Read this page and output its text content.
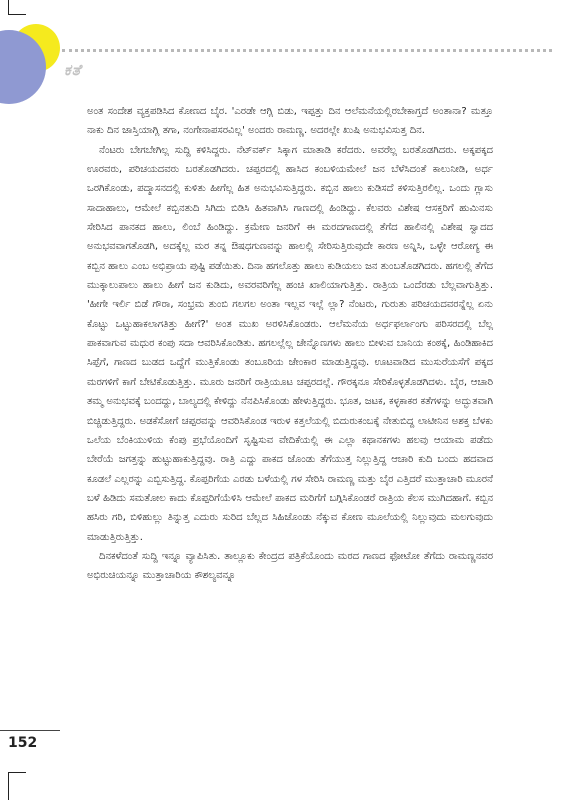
ಕತೆ

ಅಂತ ಸಂದೇಶ ವ್ಯಕ್ತಪಡಿಸಿದ ಕೋಣದ ಬೈರ. 'ಎರಡೇ ಆಗ್ಲಿ ಬಿಡು, ಇಪ್ಪತ್ತು ದಿನ ಆಲೆಮನೆಯಲ್ಲಿರಬೇಕಾಗ್ತದೆ ಅಂತಾನಾ? ಮತ್ತೂ ನಾಕು ದಿನ ಜಾಸ್ತಿಯಾಗ್ಲಿ ತಗಾ, ನಂಗೇನಾಪಸರವಿಲ್ಲ' ಅಂದರು ರಾಮಣ್ಣ. ಅದರಲ್ಲೇ ಖುಷಿ ಅನುಭವಿಸುತ್ತ ದಿನ.

ನೆಂಟರು ಬೇಗಬೇಗಿಲ್ಲ ಸುದ್ದಿ ಕಳಿಸಿದ್ದರು. ನೆಟ್‌ವರ್ಕ್ ಸಿಕ್ಕಾಗ ಮಾತಾಡಿ ಕರೆದರು. ಅವರೆಲ್ಲ ಬರತೊಡಗಿದರು. ಅಕ್ಕಪಕ್ಕದ ಊರವರು, ಪರಿಚಯದವರು ಬರತೊಡಗಿದರು. ಚಪ್ಪರದಲ್ಲಿ ಹಾಸಿದ ಕಂಬಳಿಯಮೇಲೆ ಜನ ಬೆಳೆಸಿದಂತೆ ಕಾಲುನೀಡಿ, ಅರ್ಧ ಒರಗಿಕೊಂಡು, ಪದ್ಮಾಸನದಲ್ಲಿ ಕುಳಿತು ಹೀಗೆಲ್ಲ ಹಿತ ಅನುಭವಿಸುತ್ತಿದ್ದರು. ಕಬ್ಬಿನ ಹಾಲು ಕುಡಿಸದೆ ಕಳಿಸುತ್ತಿರಲಿಲ್ಲ. ಒಂದು ಗ್ಲಾಸು ಸಾದಾಹಾಲು, ಆಮೇಲೆ ಕಬ್ಬಿನತುದಿ ಸಿಗಿದು ಬಿಡಿಸಿ ಹಿತವಾಗಿಸಿ ಗಾಣದಲ್ಲಿ ಹಿಂಡಿದ್ದು. ಕೆಲವರು ವಿಶೇಷ ಆಸಕ್ತರಿಗೆ ಹುಮಿನಸು ಸೇರಿಸಿದ ಪಾನಕದ ಹಾಲು, ಲಿಂಬೆ ಹಿಂಡಿದ್ದು. ಕ್ರಮೇಣ ಜನರಿಗೆ ಈ ಮರದಗಾಣದಲ್ಲಿ ತೆಗೆದ ಹಾಲಿನಲ್ಲಿ ವಿಶೇಷ ಸ್ವಾದದ ಅನುಭವವಾಗತೊಡಗಿ, ಅದಕ್ಕೆಲ್ಲ ಮರ ತನ್ನ ಔಷಧಗುಣವನ್ನು ಹಾಲಲ್ಲಿ ಸೇರಿಸುತ್ತಿರುವುದೇ ಕಾರಣ ಅನ್ನಿಸಿ, ಒಳ್ಳೇ ಆರೋಗ್ಯ ಈ ಕಬ್ಬಿನ ಹಾಲು ಎಂಬ ಅಭಿಪ್ರಾಯ ಪುಷ್ಟಿ ಪಡೆಯಿತು. ದಿನಾ ಹಗಲೊತ್ತು ಹಾಲು ಕುಡಿಯಲು ಜನ ತುಂಬತೊಡಗಿದರು. ಹಗಲಲ್ಲಿ ತೆಗೆದ ಮುಕ್ಕಾಲುಪಾಲು ಹಾಲು ಹೀಗೆ ಜನ ಕುಡಿದು, ಅವರವರಿಗೆಲ್ಲ ಹಂಚಿ ಖಾಲಿಯಾಗುತ್ತಿತ್ತು. ರಾತ್ರಿಯ ಒಂದೆರಡು ಬೆಲ್ಲವಾಗುತ್ತಿತ್ತು. 'ಹೀಗೇ ಇರ್ಲಿ ಬಿಡೆ ಗೌರಾ, ಸಂಭ್ರಮ ತುಂಬಿ ಗಲಗಲ ಅಂತಾ ಇಲ್ಲವ ಇಲ್ಲೆ ಲ್ಲಾ? ನೆಂಟರು, ಗುರುತು ಪರಿಚಯದವರನ್ನೆಲ್ಲ ಏನು ಕೊಟ್ಟು ಒಟ್ಟುಹಾಕಲಾಗತಿತ್ತು ಹೀಗೆ?' ಅಂತ ಮುಖ ಅರಳಿಸಿಕೊಂಡರು. ಆಲೆಮನೆಯ ಅರ್ಧಫರ್ಲಾಂಗು ಪರಿಸರದಲ್ಲಿ ಬೆಲ್ಲ ಪಾಕವಾಗುವ ಮಧುರ ಕಂಪು ಸದಾ ಆವರಿಸಿಕೊಂಡಿತು. ಹಗಲಲ್ಲೆಲ್ಲ ಜೇನ್ನೊಣಗಳು ಹಾಲು ಬೀಳುವ ಬಾನಿಯ ಕಂಠಕ್ಕೆ, ಹಿಂಡಿಹಾಕಿದ ಸಿಪ್ಪೆಗೆ, ಗಾಣದ ಬುಡದ ಒದ್ದೆಗೆ ಮುತ್ತಿಕೊಂಡು ತಂಬೂರಿಯ ಜೇಂಕಾರ ಮಾಡುತ್ತಿದ್ದವು. ಊಟವಾಡಿದ ಮುಸುರೆಯಸೆಗೆ ಪಕ್ಕದ ಮರಗಳಿಗೆ ಕಾಗೆ ಬೇಟಿಕೊಡುತ್ತಿತ್ತು. ಮೂರು ಜನರಿಗೆ ರಾತ್ರಿಯೂಟ ಚಪ್ಪರದಲ್ಲೆ. ಗೌರಕ್ಕನೂ ಸೇರಿಕೊಳ್ಳತೊಡಗಿದಳು. ಬೈರ, ಆಚಾರಿ ತಮ್ಮ ಅನುಭವಕ್ಕೆ ಬಂದದ್ದು, ಬಾಲ್ಯದಲ್ಲಿ ಕೇಳಿದ್ದು ನೆನಪಿಸಿಕೊಂಡು ಹೇಳುತ್ತಿದ್ದರು. ಭೂತ, ಜಟಕ, ಕಳ್ಳಕಾಕರ ಕತೆಗಳನ್ನು ಅದ್ಭುತವಾಗಿ ಬಿಚ್ಚಿಡುತ್ತಿದ್ದರು. ಅಡಕೆಸೋಗೆ ಚಪ್ಪರವನ್ನು ಆವರಿಸಿಕೊಂಡ ಇರುಳ ಕತ್ತಲೆಯಲ್ಲಿ ಬಿದುರುಕಂಬಕ್ಕೆ ನೇತುಬಿದ್ದ ಲಾಟೀನಿನ ಅಶಕ್ತ ಬೆಳಕು ಒಲೆಯ ಬೆಂಕಿಯುಳಿಯ ಕೆಂಪು ಪ್ರಭೆಯೊಂದಿಗೆ ಸೃಷ್ಟಿಸುವ ವೇದಿಕೆಯಲ್ಲಿ ಈ ಎಲ್ಲಾ ಕಥಾನಕಗಳು ಹಲವು ಆಯಾಮ ಪಡೆದು ಬೇರೆಯೆ ಜಗತ್ತನ್ನು ಹುಟ್ಟುಹಾಕುತ್ತಿದ್ದವು. ರಾತ್ರಿ ಎದ್ದು ಪಾಕದ ಜೊಂಡು ತೆಗೆಯುತ್ತ ನಿಲ್ಲುತ್ತಿದ್ದ ಆಚಾರಿ ಕುದಿ ಬಂದು ಹದವಾದ ಕೂಡಲೆ ಎಲ್ಲರನ್ನು ಎಬ್ಬಿಸುತ್ತಿದ್ದ. ಕೊಪ್ಪರಿಗೆಯ ಎರಡು ಬಳೆಯಲ್ಲಿ ಗಳ ಸೇರಿಸಿ ರಾಮಣ್ಣ ಮತ್ತು ಬೈರ ಎತ್ತಿದರೆ ಮುತ್ತಾಚಾರಿ ಮೂರನೆ ಬಳೆ ಹಿಡಿದು ಸಮತೋಲ ಕಾದು ಕೊಪ್ಪರಿಗೆಯೆಳಿಸಿ ಆಮೇಲೆ ಪಾಕದ ಮರಿಗೆಗೆ ಬಗ್ಗಿಸಿಕೊಂಡರೆ ರಾತ್ರಿಯ ಕೆಲಸ ಮುಗಿದಹಾಗೆ. ಕಬ್ಬಿನ ಹಸಿರು ಗರಿ, ಬಿಳಿಹುಲ್ಲು ತಿನ್ನುತ್ತ ಎದುರು ಸುರಿದ ಬೆಲ್ಲದ ಸಿಹಿಜೊಂಡು ನೆಕ್ಕುವ ಕೋಣ ಮೂಲೆಯಲ್ಲಿ ನಿಲ್ಲುವುದು ಮಲಗುವುದು ಮಾಡುತ್ತಿರುತ್ತಿತ್ತು.

ದಿನಕಳೆದಂತೆ ಸುದ್ದಿ ಇನ್ನೂ ವ್ಯಾಪಿಸಿತು. ತಾಲ್ಲೂಕು ಕೇಂದ್ರದ ಪತ್ರಿಕೆಯೊಂದು ಮರದ ಗಾಣದ ಫೋಟೋ ತೆಗೆದು ರಾಮಣ್ಣನವರ ಅಭಿರುಚಿಯನ್ನೂ ಮುತ್ತಾಚಾರಿಯ ಕೌಶಲ್ಯವನ್ನೂ

152
